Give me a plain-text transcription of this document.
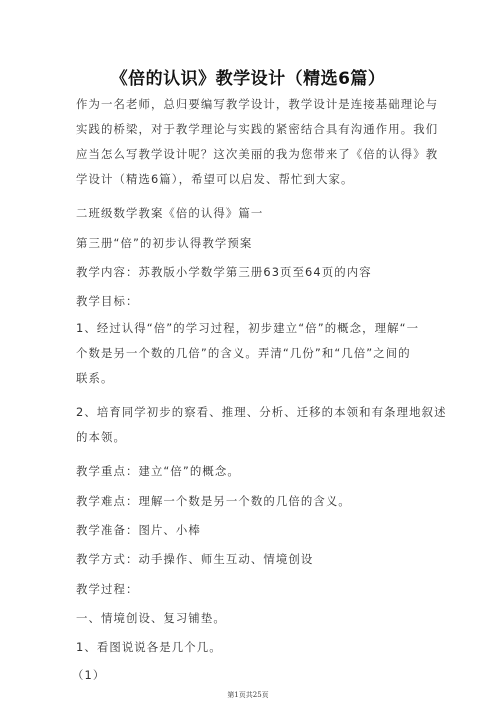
《倍的认识》教学设计（精选6篇）
作为一名老师，总归要编写教学设计，教学设计是连接基础理论与
实践的桥梁，对于教学理论与实践的紧密结合具有沟通作用。我们
应当怎么写教学设计呢？这次美丽的我为您带来了《倍的认得》教
学设计（精选6篇），希望可以启发、帮忙到大家。
二班级数学教案《倍的认得》篇一
第三册“倍”的初步认得教学预案
教学内容：苏教版小学数学第三册63页至64页的内容
教学目标：
1、经过认得“倍”的学习过程，初步建立“倍”的概念，理解“一
个数是另一个数的几倍”的含义。弄清“几份”和“几倍”之间的
联系。
2、培育同学初步的察看、推理、分析、迁移的本领和有条理地叙述
的本领。
教学重点：建立“倍”的概念。
教学难点：理解一个数是另一个数的几倍的含义。
教学准备：图片、小棒
教学方式：动手操作、师生互动、情境创设
教学过程：
一、情境创设、复习铺垫。
1、看图说说各是几个几。
（1）
第1页共25页
